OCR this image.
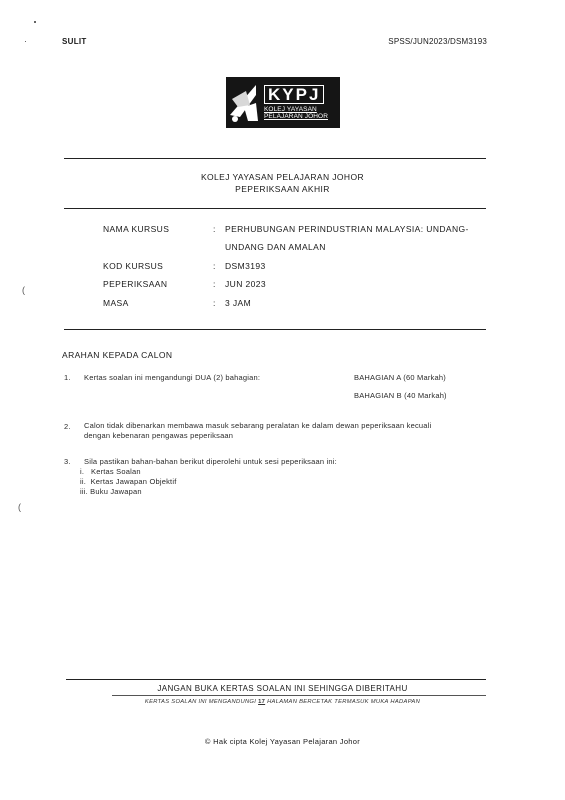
SULIT	SPSS/JUN2023/DSM3193
KYPJ
KOLEJ YAYASAN
PELAJARAN JOHOR
KOLEJ YAYASAN PELAJARAN JOHOR
PEPERIKSAAN AKHIR
NAMA KURSUS	: PERHUBUNGAN PERINDUSTRIAN MALAYSIA: UNDANG-UNDANG DAN AMALAN
KOD KURSUS	: DSM3193
PEPERIKSAAN	: JUN 2023
MASA	: 3 JAM
(
ARAHAN KEPADA CALON
1. Kertas soalan ini mengandungi DUA (2) bahagian:	BAHAGIAN A (60 Markah)
BAHAGIAN B (40 Markah)
2. Calon tidak dibenarkan membawa masuk sebarang peralatan ke dalam dewan peperiksaan kecuali
dengan kebenaran pengawas peperiksaan
3. Sila pastikan bahan-bahan berikut diperolehi untuk sesi peperiksaan ini:
i.   Kertas Soalan
ii.  Kertas Jawapan Objektif
iii. Buku Jawapan
(
JANGAN BUKA KERTAS SOALAN INI SEHINGGA DIBERITAHU
KERTAS SOALAN INI MENGANDUNGI 17 HALAMAN BERCETAK TERMASUK MUKA HADAPAN
© Hak cipta Kolej Yayasan Pelajaran Johor
